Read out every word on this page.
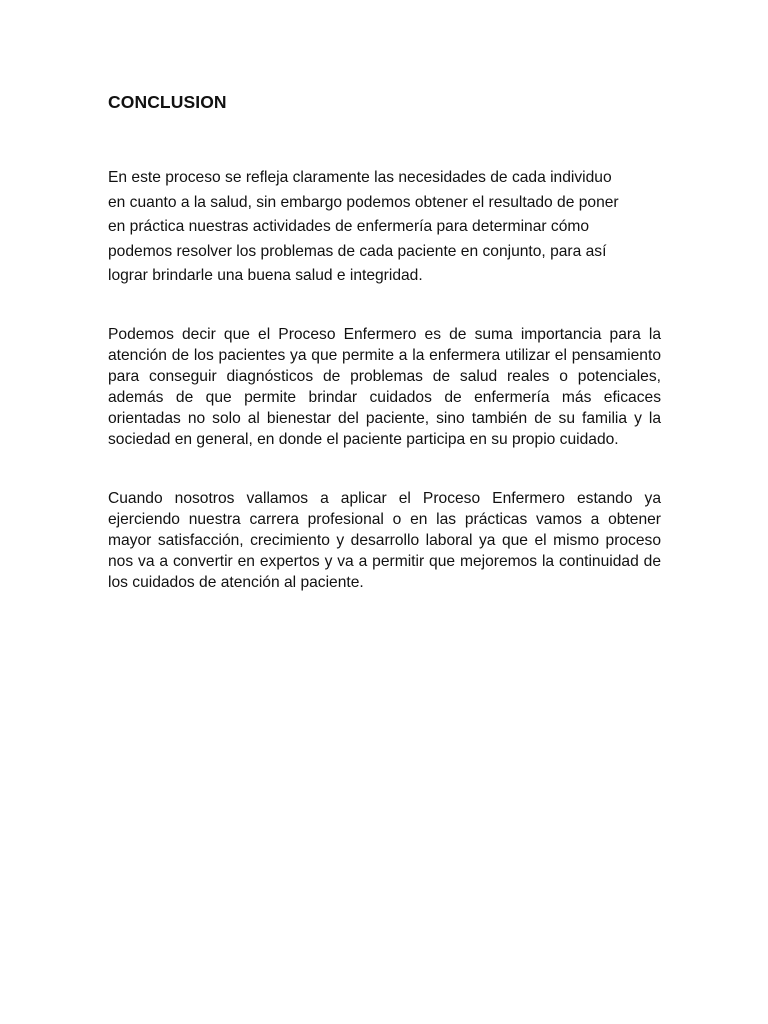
CONCLUSION

En este proceso se refleja claramente las necesidades de cada individuo en cuanto a la salud, sin embargo podemos obtener el resultado de poner en práctica nuestras actividades de enfermería para determinar cómo podemos resolver los problemas de cada paciente en conjunto, para así lograr brindarle una buena salud e integridad.

Podemos decir que el Proceso Enfermero es de suma importancia para la atención de los pacientes ya que permite a la enfermera utilizar el pensamiento para conseguir diagnósticos de problemas de salud reales o potenciales, además de que permite brindar cuidados de enfermería más eficaces orientadas no solo al bienestar del paciente, sino también de su familia y la sociedad en general, en donde el paciente participa en su propio cuidado.

Cuando nosotros vallamos a aplicar el Proceso Enfermero estando ya ejerciendo nuestra carrera profesional o en las prácticas vamos a obtener mayor satisfacción, crecimiento y desarrollo laboral ya que el mismo proceso nos va a convertir en expertos y va a permitir que mejoremos la continuidad de los cuidados de atención al paciente.
